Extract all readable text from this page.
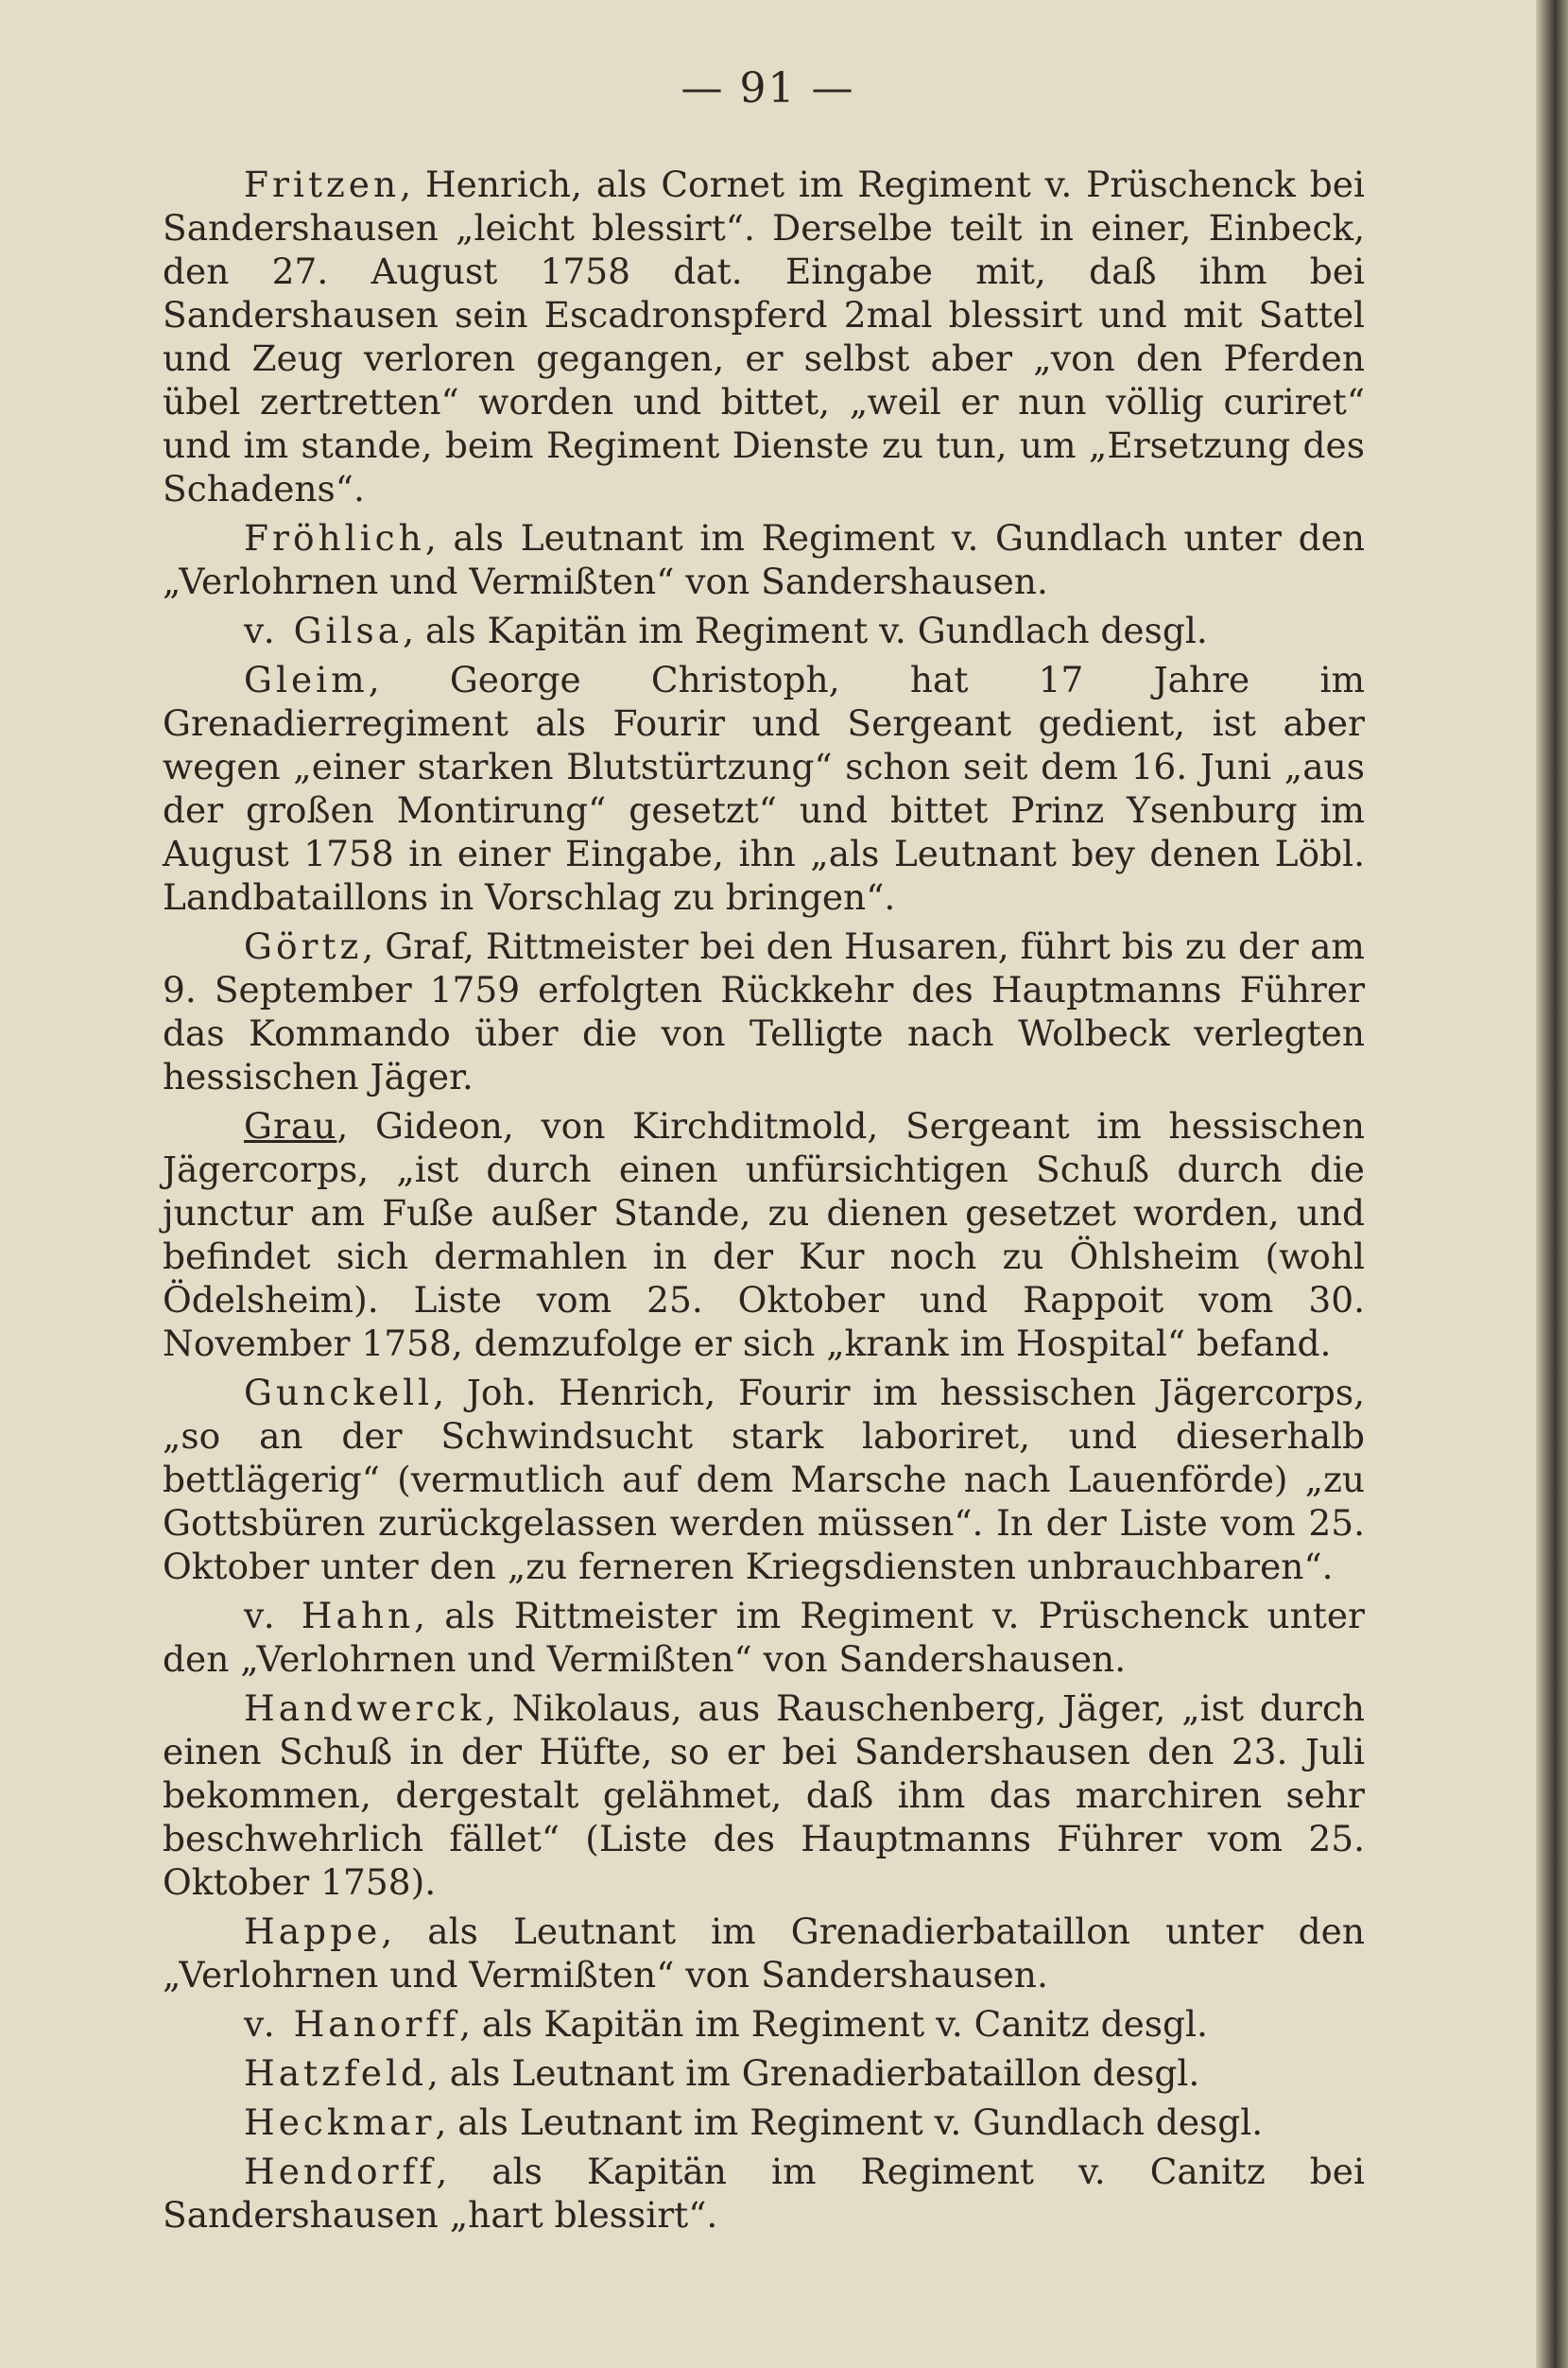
— 91 —

Fritzen, Henrich, als Cornet im Regiment v. Prüschenck bei Sandershausen „leicht blessirt“. Derselbe teilt in einer, Einbeck, den 27. August 1758 dat. Eingabe mit, daß ihm bei Sandershausen sein Escadronspferd 2mal blessirt und mit Sattel und Zeug verloren gegangen, er selbst aber „von den Pferden übel zertretten“ worden und bittet, „weil er nun völlig curiret“ und im stande, beim Regiment Dienste zu tun, um „Ersetzung des Schadens“.

Fröhlich, als Leutnant im Regiment v. Gundlach unter den „Verlohrnen und Vermißten“ von Sandershausen.

v. Gilsa, als Kapitän im Regiment v. Gundlach desgl.

Gleim, George Christoph, hat 17 Jahre im Grenadierregiment als Fourir und Sergeant gedient, ist aber wegen „einer starken Blutstürtzung“ schon seit dem 16. Juni „aus der großen Montirung“ gesetzt“ und bittet Prinz Ysenburg im August 1758 in einer Eingabe, ihn „als Leutnant bey denen Löbl. Landbataillons in Vorschlag zu bringen“.

Görtz, Graf, Rittmeister bei den Husaren, führt bis zu der am 9. September 1759 erfolgten Rückkehr des Hauptmanns Führer das Kommando über die von Telligte nach Wolbeck verlegten hessischen Jäger.

Grau, Gideon, von Kirchditmold, Sergeant im hessischen Jägercorps, „ist durch einen unfürsichtigen Schuß durch die junctur am Fuße außer Stande, zu dienen gesetzet worden, und befindet sich dermahlen in der Kur noch zu Öhlsheim (wohl Ödelsheim). Liste vom 25. Oktober und Rappoit vom 30. November 1758, demzufolge er sich „krank im Hospital“ befand.

Gunckell, Joh. Henrich, Fourir im hessischen Jägercorps, „so an der Schwindsucht stark laboriret, und dieserhalb bettlägerig“ (vermutlich auf dem Marsche nach Lauenförde) „zu Gottsbüren zurückgelassen werden müssen“. In der Liste vom 25. Oktober unter den „zu ferneren Kriegsdiensten unbrauchbaren“.

v. Hahn, als Rittmeister im Regiment v. Prüschenck unter den „Verlohrnen und Vermißten“ von Sandershausen.

Handwerck, Nikolaus, aus Rauschenberg, Jäger, „ist durch einen Schuß in der Hüfte, so er bei Sandershausen den 23. Juli bekommen, dergestalt gelähmet, daß ihm das marchiren sehr beschwehrlich fället“ (Liste des Hauptmanns Führer vom 25. Oktober 1758).

Happe, als Leutnant im Grenadierbataillon unter den „Verlohrnen und Vermißten“ von Sandershausen.

v. Hanorff, als Kapitän im Regiment v. Canitz desgl.

Hatzfeld, als Leutnant im Grenadierbataillon desgl.

Heckmar, als Leutnant im Regiment v. Gundlach desgl.

Hendorff, als Kapitän im Regiment v. Canitz bei Sandershausen „hart blessirt“.
